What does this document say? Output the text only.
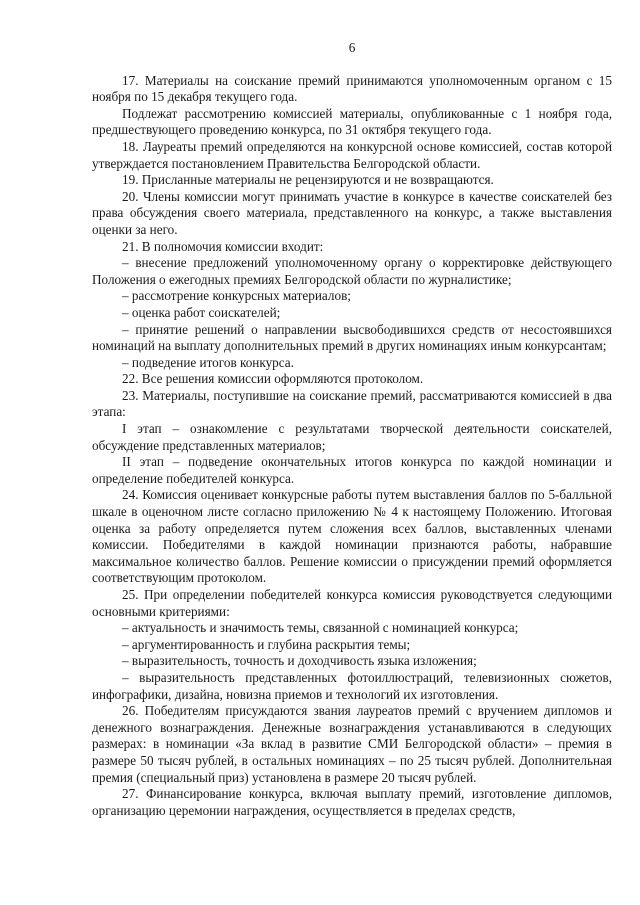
6

17. Материалы на соискание премий принимаются уполномоченным органом с 15 ноября по 15 декабря текущего года.

Подлежат рассмотрению комиссией материалы, опубликованные с 1 ноября года, предшествующего проведению конкурса, по 31 октября текущего года.

18. Лауреаты премий определяются на конкурсной основе комиссией, состав которой утверждается постановлением Правительства Белгородской области.

19. Присланные материалы не рецензируются и не возвращаются.

20. Члены комиссии могут принимать участие в конкурсе в качестве соискателей без права обсуждения своего материала, представленного на конкурс, а также выставления оценки за него.

21. В полномочия комиссии входит:

– внесение предложений уполномоченному органу о корректировке действующего Положения о ежегодных премиях Белгородской области по журналистике;

– рассмотрение конкурсных материалов;

– оценка работ соискателей;

– принятие решений о направлении высвободившихся средств от несостоявшихся номинаций на выплату дополнительных премий в других номинациях иным конкурсантам;

– подведение итогов конкурса.

22. Все решения комиссии оформляются протоколом.

23. Материалы, поступившие на соискание премий, рассматриваются комиссией в два этапа:

I этап – ознакомление с результатами творческой деятельности соискателей, обсуждение представленных материалов;

II этап – подведение окончательных итогов конкурса по каждой номинации и определение победителей конкурса.

24. Комиссия оценивает конкурсные работы путем выставления баллов по 5-балльной шкале в оценочном листе согласно приложению № 4 к настоящему Положению. Итоговая оценка за работу определяется путем сложения всех баллов, выставленных членами комиссии. Победителями в каждой номинации признаются работы, набравшие максимальное количество баллов. Решение комиссии о присуждении премий оформляется соответствующим протоколом.

25. При определении победителей конкурса комиссия руководствуется следующими основными критериями:

– актуальность и значимость темы, связанной с номинацией конкурса;

– аргументированность и глубина раскрытия темы;

– выразительность, точность и доходчивость языка изложения;

– выразительность представленных фотоиллюстраций, телевизионных сюжетов, инфографики, дизайна, новизна приемов и технологий их изготовления.

26. Победителям присуждаются звания лауреатов премий с вручением дипломов и денежного вознаграждения. Денежные вознаграждения устанавливаются в следующих размерах: в номинации «За вклад в развитие СМИ Белгородской области» – премия в размере 50 тысяч рублей, в остальных номинациях – по 25 тысяч рублей. Дополнительная премия (специальный приз) установлена в размере 20 тысяч рублей.

27. Финансирование конкурса, включая выплату премий, изготовление дипломов, организацию церемонии награждения, осуществляется в пределах средств,
